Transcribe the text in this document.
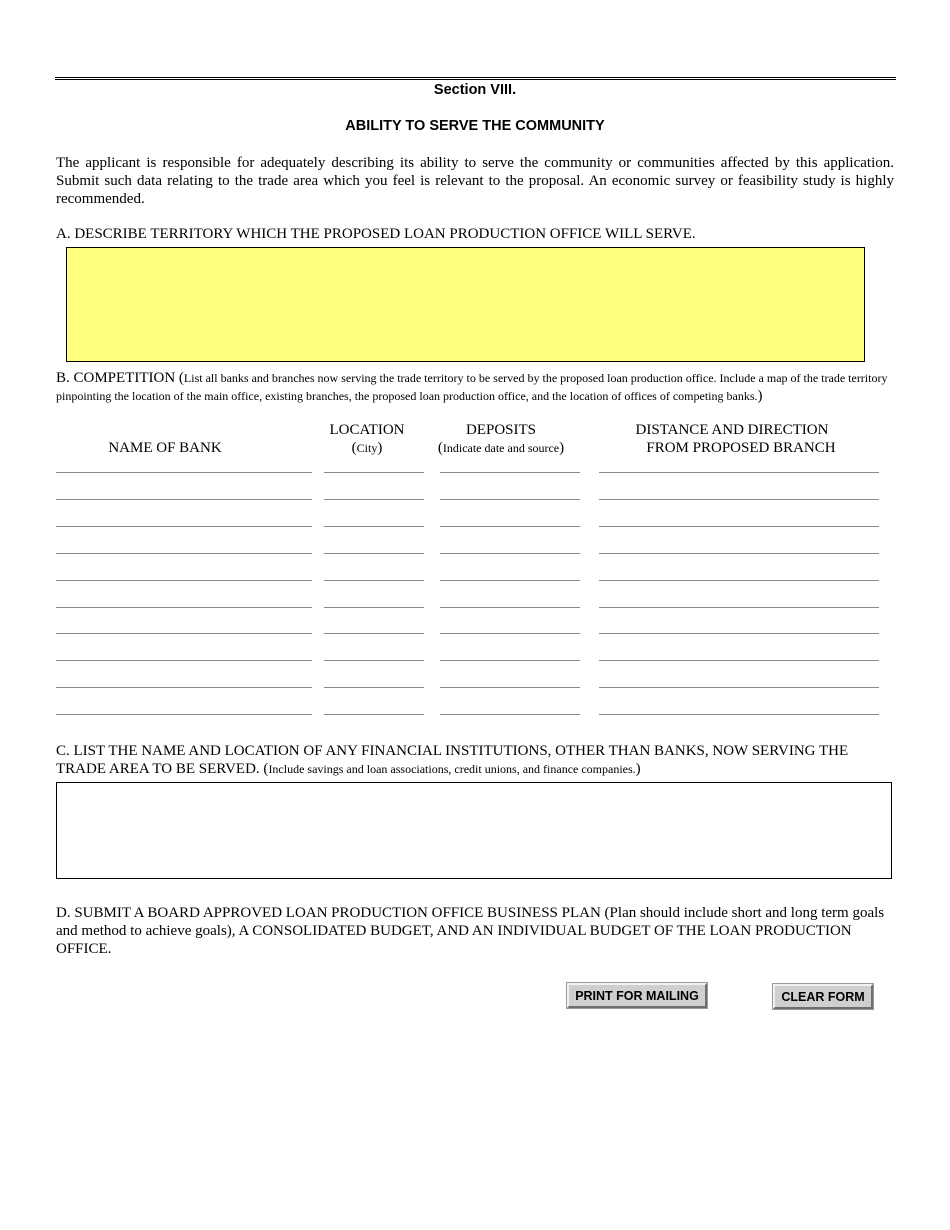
Section VIII.
ABILITY TO SERVE THE COMMUNITY
The applicant is responsible for adequately describing its ability to serve the community or communities affected by this application. Submit such data relating to the trade area which you feel is relevant to the proposal. An economic survey or feasibility study is highly recommended.
A. DESCRIBE TERRITORY WHICH THE PROPOSED LOAN PRODUCTION OFFICE WILL SERVE.
B. COMPETITION (List all banks and branches now serving the trade territory to be served by the proposed loan production office. Include a map of the trade territory pinpointing the location of the main office, existing branches, the proposed loan production office, and the location of offices of competing banks.)
NAME OF BANK
LOCATION
(City)
DEPOSITS
(Indicate date and source)
DISTANCE AND DIRECTION
FROM PROPOSED BRANCH
C. LIST THE NAME AND LOCATION OF ANY FINANCIAL INSTITUTIONS, OTHER THAN BANKS, NOW SERVING THE TRADE AREA TO BE SERVED. (Include savings and loan associations, credit unions, and finance companies.)
D. SUBMIT A BOARD APPROVED LOAN PRODUCTION OFFICE BUSINESS PLAN (Plan should include short and long term goals and method to achieve goals), A CONSOLIDATED BUDGET, AND AN INDIVIDUAL BUDGET OF THE LOAN PRODUCTION OFFICE.
PRINT FOR MAILING	CLEAR FORM
